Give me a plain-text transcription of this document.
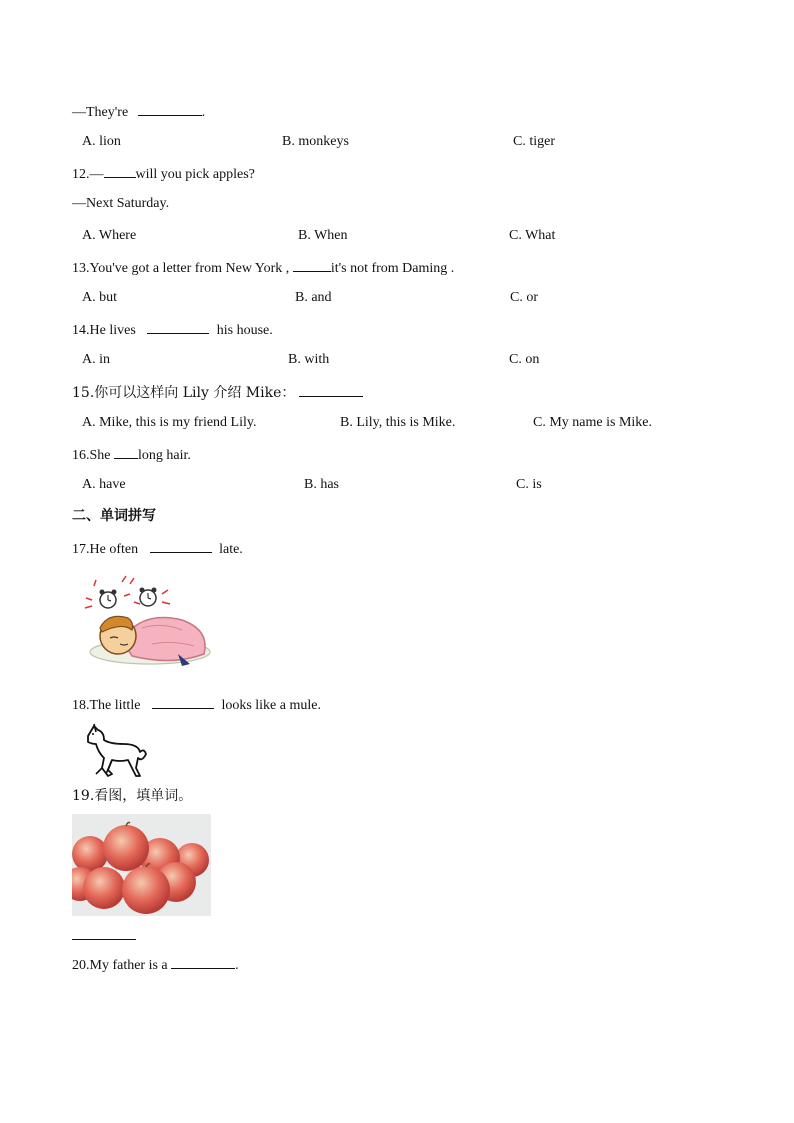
—They're	.
A. lion	B. monkeys	C. tiger
12.— will you pick apples?
—Next Saturday.
A. Where	B. When	C. What
13.You've got a letter from New York ,	it's not from Daming .
A. but	B. and	C. or
14.He lives	his house.
A. in	B. with	C. on
15.你可以这样向 Lily 介绍 Mike：
A. Mike, this is my friend Lily.	B. Lily, this is Mike.	C. My name is Mike.
16.She long hair.
A. have	B. has	C. is
二、单词拼写
17.He often	late.
18.The little	looks like a mule.
19.看图，填单词。
20.My father is a	.
